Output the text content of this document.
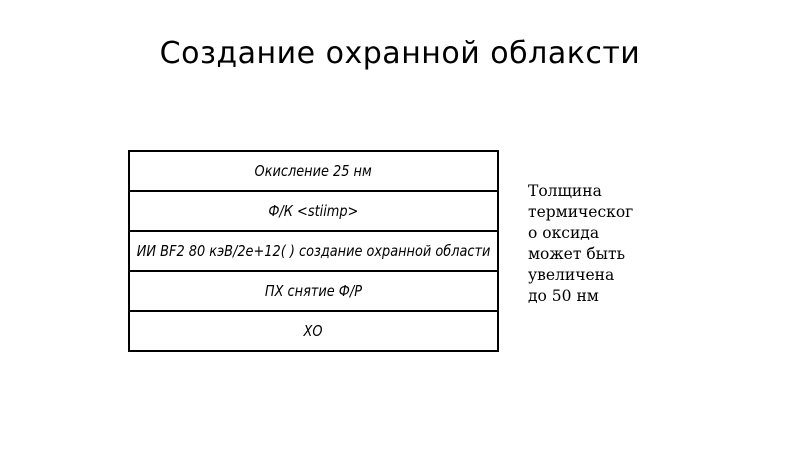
Создание охранной облакcти
Окисление 25 нм
Ф/К <stiimp>
ИИ BF2 80 кэВ/2е+12( ) создание охранной области
ПХ снятие Ф/Р
ХО
Толщина
термическог
о оксида
может быть
увеличена
до 50 нм
